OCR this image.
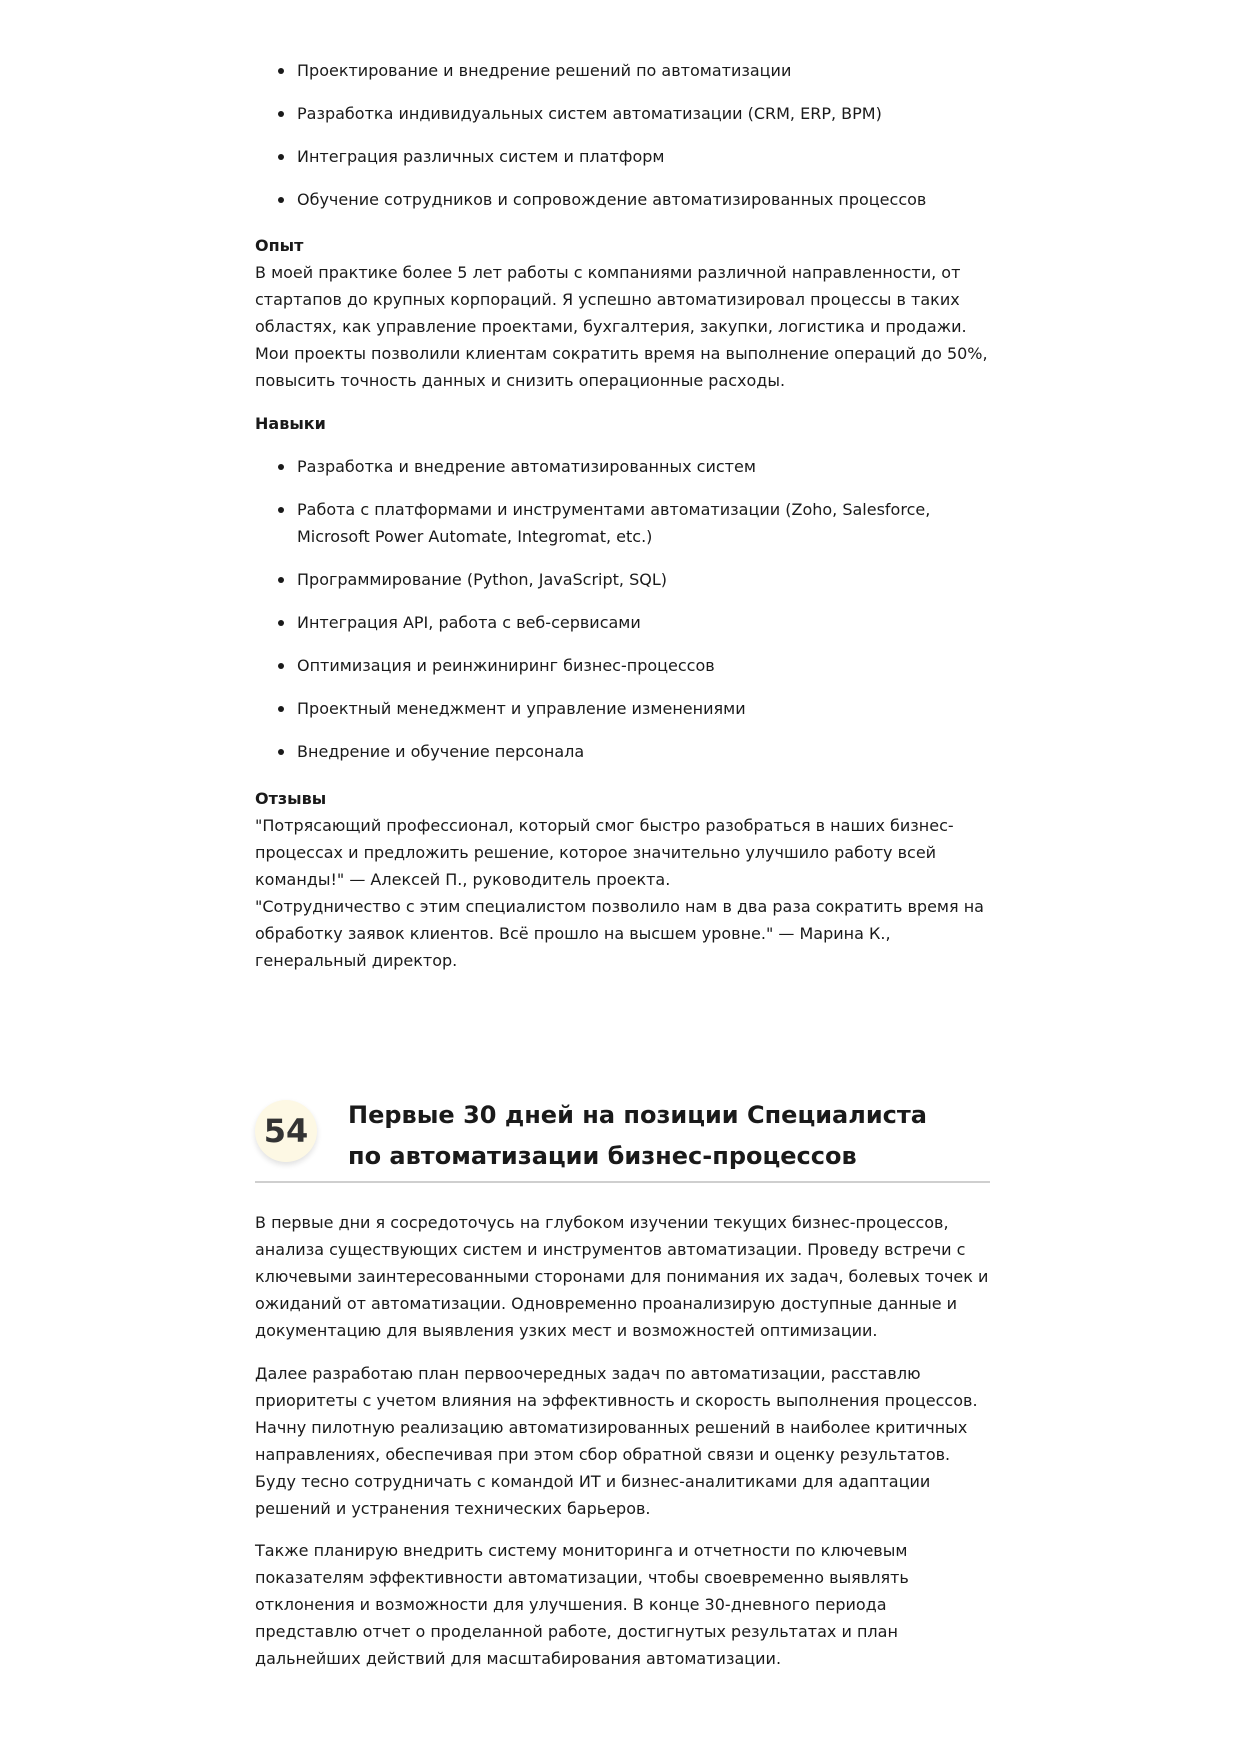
Проектирование и внедрение решений по автоматизации
Разработка индивидуальных систем автоматизации (CRM, ERP, BPM)
Интеграция различных систем и платформ
Обучение сотрудников и сопровождение автоматизированных процессов
Опыт

В моей практике более 5 лет работы с компаниями различной направленности, от стартапов до крупных корпораций. Я успешно автоматизировал процессы в таких областях, как управление проектами, бухгалтерия, закупки, логистика и продажи. Мои проекты позволили клиентам сократить время на выполнение операций до 50%, повысить точность данных и снизить операционные расходы.

Навыки
Разработка и внедрение автоматизированных систем
Работа с платформами и инструментами автоматизации (Zoho, Salesforce, Microsoft Power Automate, Integromat, etc.)
Программирование (Python, JavaScript, SQL)
Интеграция API, работа с веб-сервисами
Оптимизация и реинжиниринг бизнес-процессов
Проектный менеджмент и управление изменениями
Внедрение и обучение персонала
Отзывы

"Потрясающий профессионал, который смог быстро разобраться в наших бизнес-процессах и предложить решение, которое значительно улучшило работу всей команды!" — Алексей П., руководитель проекта.

"Сотрудничество с этим специалистом позволило нам в два раза сократить время на обработку заявок клиентов. Всё прошло на высшем уровне." — Марина К., генеральный директор.

54	Первые 30 дней на позиции Специалиста по автоматизации бизнес-процессов

В первые дни я сосредоточусь на глубоком изучении текущих бизнес-процессов, анализа существующих систем и инструментов автоматизации. Проведу встречи с ключевыми заинтересованными сторонами для понимания их задач, болевых точек и ожиданий от автоматизации. Одновременно проанализирую доступные данные и документацию для выявления узких мест и возможностей оптимизации.

Далее разработаю план первоочередных задач по автоматизации, расставлю приоритеты с учетом влияния на эффективность и скорость выполнения процессов. Начну пилотную реализацию автоматизированных решений в наиболее критичных направлениях, обеспечивая при этом сбор обратной связи и оценку результатов. Буду тесно сотрудничать с командой ИТ и бизнес-аналитиками для адаптации решений и устранения технических барьеров.

Также планирую внедрить систему мониторинга и отчетности по ключевым показателям эффективности автоматизации, чтобы своевременно выявлять отклонения и возможности для улучшения. В конце 30-дневного периода представлю отчет о проделанной работе, достигнутых результатах и план дальнейших действий для масштабирования автоматизации.
